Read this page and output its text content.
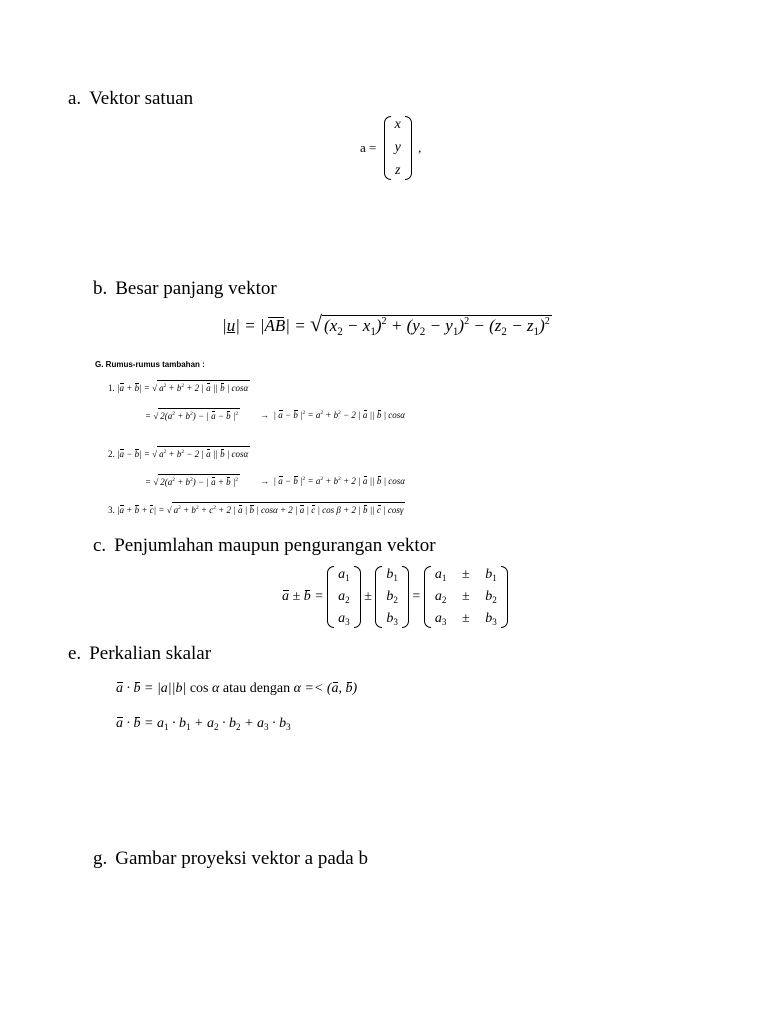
a. Vektor satuan
a =
x
y
z
,
b. Besar panjang vektor
|u| = |AB| = √ $(x_2 - x_1)^2 + (y_2 - y_1)^2 - (z_2 - z_1)^2$
G. Rumus-rumus tambahan :
1. |a + b| = √ $a^2 + b^2 + 2$ | a || b | cosα
= √ $2(a^2 + b^2)$ − | a − b $|^2$ →  | a − b $|^2 = a^2 + b^2 - 2$ | a || b | cosα
2. |a − b| = √ $a^2 + b^2 - 2$ | a || b | cosα
= √ $2(a^2 + b^2)$ − | a + b $|^2$ →  | a − b $|^2 = a^2 + b^2 + 2$ | a || b | cosα
3. |a + b + c| = √ $a^2 + b^2 + c^2 + 2$ | a | b | cosα + 2 | a | c | cos β + 2 | b || c | cosγ
c. Penjumlahan maupun pengurangan vektor
a ± b =
$a_1$
$a_2$
$a_3$
±
$b_1$
$b_2$
$b_3$
=
$a_1 \pm b_1$
$a_2 \pm b_2$
$a_3 \pm b_3$
e. Perkalian skalar
a · b = |a||b| cos α atau dengan α =< (a, b)
$a \cdot b = a_1 \cdot b_1 + a_2 \cdot b_2 + a_3 \cdot b_3$
g. Gambar proyeksi vektor a pada b
